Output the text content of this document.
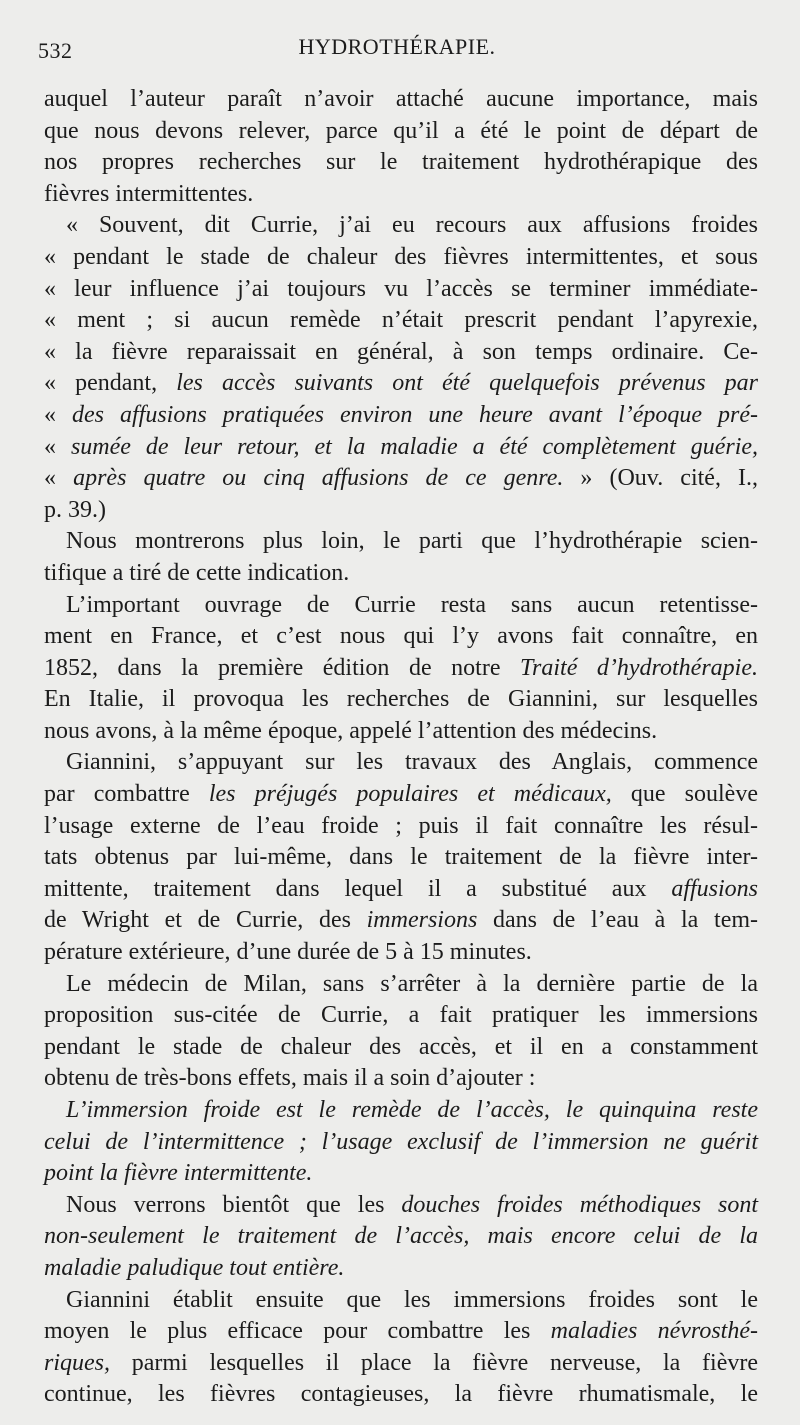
532	HYDROTHÉRAPIE.
auquel l’auteur paraît n’avoir attaché aucune importance, mais
que nous devons relever, parce qu’il a été le point de départ de
nos propres recherches sur le traitement hydrothérapique des
fièvres intermittentes.
« Souvent, dit Currie, j’ai eu recours aux affusions froides
« pendant le stade de chaleur des fièvres intermittentes, et sous
« leur influence j’ai toujours vu l’accès se terminer immédiate-
« ment ; si aucun remède n’était prescrit pendant l’apyrexie,
« la fièvre reparaissait en général, à son temps ordinaire. Ce-
« pendant, les accès suivants ont été quelquefois prévenus par
« des affusions pratiquées environ une heure avant l’époque pré-
« sumée de leur retour, et la maladie a été complètement guérie,
« après quatre ou cinq affusions de ce genre. » (Ouv. cité, I.,
p. 39.)
Nous montrerons plus loin, le parti que l’hydrothérapie scien-
tifique a tiré de cette indication.
L’important ouvrage de Currie resta sans aucun retentisse-
ment en France, et c’est nous qui l’y avons fait connaître, en
1852, dans la première édition de notre Traité d’hydrothérapie.
En Italie, il provoqua les recherches de Giannini, sur lesquelles
nous avons, à la même époque, appelé l’attention des médecins.
Giannini, s’appuyant sur les travaux des Anglais, commence
par combattre les préjugés populaires et médicaux, que soulève
l’usage externe de l’eau froide ; puis il fait connaître les résul-
tats obtenus par lui-même, dans le traitement de la fièvre inter-
mittente, traitement dans lequel il a substitué aux affusions
de Wright et de Currie, des immersions dans de l’eau à la tem-
pérature extérieure, d’une durée de 5 à 15 minutes.
Le médecin de Milan, sans s’arrêter à la dernière partie de la
proposition sus-citée de Currie, a fait pratiquer les immersions
pendant le stade de chaleur des accès, et il en a constamment
obtenu de très-bons effets, mais il a soin d’ajouter :
L’immersion froide est le remède de l’accès, le quinquina reste
celui de l’intermittence ; l’usage exclusif de l’immersion ne guérit
point la fièvre intermittente.
Nous verrons bientôt que les douches froides méthodiques sont
non-seulement le traitement de l’accès, mais encore celui de la
maladie paludique tout entière.
Giannini établit ensuite que les immersions froides sont le
moyen le plus efficace pour combattre les maladies névrosthé-
riques, parmi lesquelles il place la fièvre nerveuse, la fièvre
continue, les fièvres contagieuses, la fièvre rhumatismale, le
